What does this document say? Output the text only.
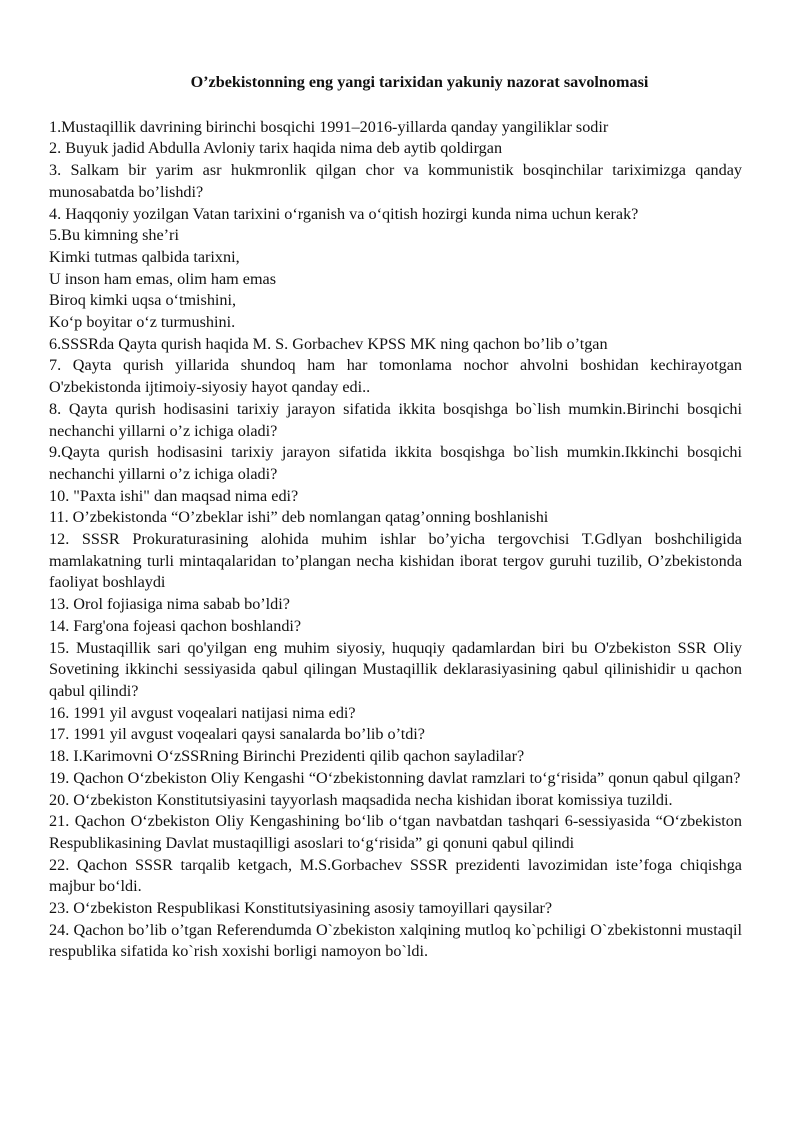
O’zbekistonning eng yangi tarixidan yakuniy nazorat savolnomasi

1.Mustaqillik davrining birinchi bosqichi 1991–2016-yillarda qanday yangiliklar sodir

2. Buyuk jadid Abdulla Avloniy tarix haqida nima deb aytib qoldirgan

3. Salkam bir yarim asr hukmronlik qilgan chor va kommunistik bosqinchilar tariximizga qanday munosabatda bo’lishdi?

4. Haqqoniy yozilgan Vatan tarixini o‘rganish va o‘qitish hozirgi kunda nima uchun kerak?

5.Bu kimning she’ri

Kimki tutmas qalbida tarixni,

U inson ham emas, olim ham emas

Biroq kimki uqsa o‘tmishini,

Ko‘p boyitar o‘z turmushini.

6.SSSRda Qayta qurish haqida M. S. Gorbachev KPSS MK ning qachon bo’lib o’tgan

7. Qayta qurish yillarida shundoq ham har tomonlama nochor ahvolni boshidan kechirayotgan O'zbekistonda ijtimoiy-siyosiy hayot qanday edi..

8. Qayta qurish hodisasini tarixiy jarayon sifatida ikkita bosqishga bo`lish mumkin.Birinchi bosqichi nechanchi yillarni o’z ichiga oladi?

9.Qayta qurish hodisasini tarixiy jarayon sifatida ikkita bosqishga bo`lish mumkin.Ikkinchi bosqichi nechanchi yillarni o’z ichiga oladi?

10. "Paxta ishi" dan maqsad nima edi?

11. O’zbekistonda “O’zbeklar ishi” deb nomlangan qatag’onning boshlanishi

12. SSSR Prokuraturasining alohida muhim ishlar bo’yicha tergovchisi T.Gdlyan boshchiligida mamlakatning turli mintaqalaridan to’plangan necha kishidan iborat tergov guruhi tuzilib, O’zbekistonda faoliyat boshlaydi

13. Orol fojiasiga nima sabab bo’ldi?

14. Farg'ona fojeasi qachon boshlandi?

15. Mustaqillik sari qo'yilgan eng muhim siyosiy, huquqiy qadamlardan biri bu O'zbekiston SSR Oliy Sovetining ikkinchi sessiyasida qabul qilingan Mustaqillik deklarasiyasining qabul qilinishidir u qachon qabul qilindi?

16. 1991 yil avgust voqealari natijasi nima edi?

17. 1991 yil avgust voqealari qaysi sanalarda bo’lib o’tdi?

18. I.Karimovni O‘zSSRning Birinchi Prezidenti qilib qachon sayladilar?

19. Qachon O‘zbekiston Oliy Kengashi “O‘zbekistonning davlat ramzlari to‘g‘risida” qonun qabul qilgan?

20. O‘zbekiston Konstitutsiyasini tayyorlash maqsadida necha kishidan iborat komissiya tuzildi.

21. Qachon O‘zbekiston Oliy Kengashining bo‘lib o‘tgan navbatdan tashqari 6-sessiyasida “O‘zbekiston Respublikasining Davlat mustaqilligi asoslari to‘g‘risida” gi qonuni qabul qilindi

22. Qachon SSSR tarqalib ketgach, M.S.Gorbachev SSSR prezidenti lavozimidan iste’foga chiqishga majbur bo‘ldi.

23. O‘zbekiston Respublikasi Konstitutsiyasining asosiy tamoyillari qaysilar?

24. Qachon bo’lib o’tgan Referendumda O`zbekiston xalqining mutloq ko`pchiligi O`zbekistonni mustaqil respublika sifatida ko`rish xoxishi borligi namoyon bo`ldi.
